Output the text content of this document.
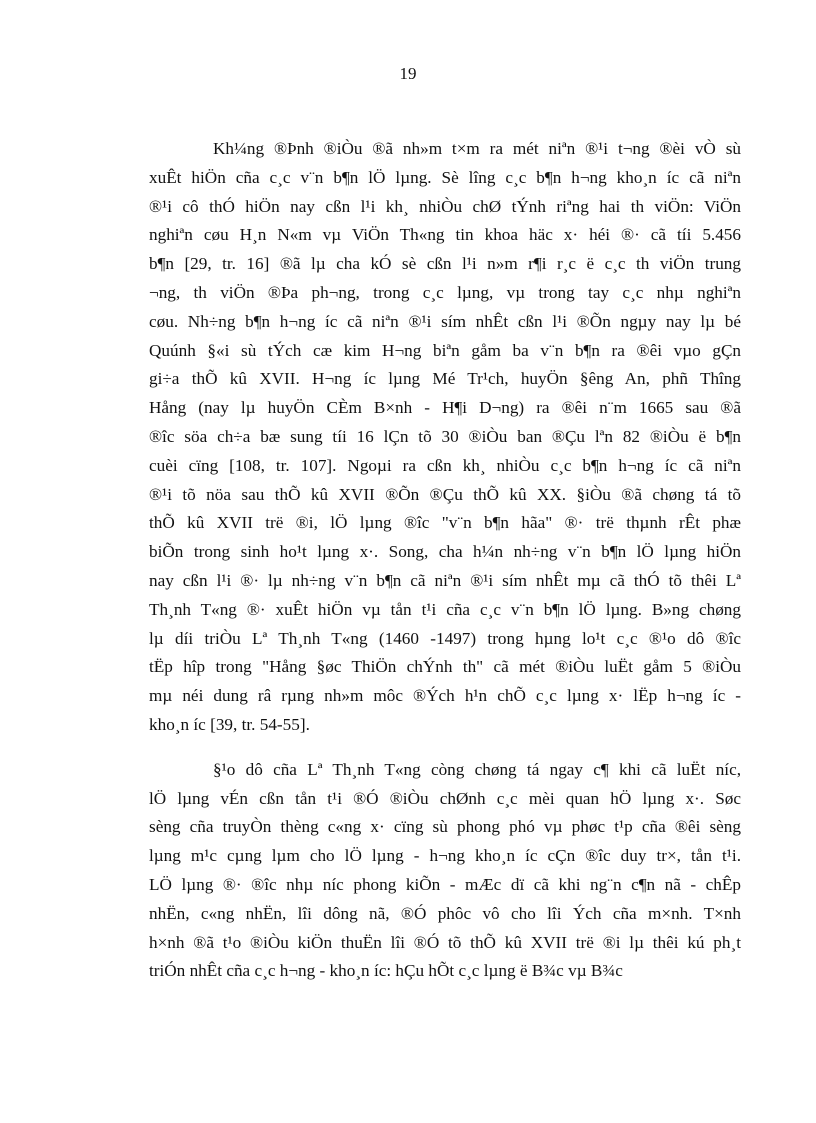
19
Kh¼ng ®Þnh ®iÒu ®ã nh»m t×m ra mét niªn ®¹i t¬ng ®èi vÒ sù
xuÊt hiÖn cña c¸c v¨n b¶n lÖ lµng. Sè lîng c¸c b¶n h¬ng kho¸n íc cã niªn
®¹i cô thÓ hiÖn nay cßn l¹i kh¸ nhiÒu chØ tÝnh riªng hai th viÖn: ViÖn
nghiªn cøu H¸n N«m vµ ViÖn Th«ng tin khoa häc x· héi ®· cã tíi 5.456
b¶n [29, tr. 16] ®ã lµ cha kÓ sè cßn l¹i n»m r¶i r¸c ë c¸c th viÖn trung
¬ng, th viÖn ®Þa ph¬ng, trong c¸c lµng, vµ trong tay c¸c nhµ nghiªn
cøu. Nh÷ng b¶n h¬ng íc cã niªn ®¹i sím nhÊt cßn l¹i ®Õn ngµy nay lµ bé
Quúnh §«i sù tÝch cæ kim H¬ng biªn gåm ba v¨n b¶n ra ®êi vµo gÇn
gi÷a thÕ kû XVII. H¬ng íc lµng Mé Tr¹ch, huyÖn §êng An, phñ Thîng
Hång (nay lµ huyÖn CÈm B×nh - H¶i D¬ng) ra ®êi n¨m 1665 sau ®ã
®îc söa ch÷a bæ sung tíi 16 lÇn tõ 30 ®iÒu ban ®Çu lªn 82 ®iÒu ë b¶n
cuèi cïng [108, tr. 107]. Ngoµi ra cßn kh¸ nhiÒu c¸c b¶n h¬ng íc cã niªn
®¹i tõ nöa sau thÕ kû XVII ®Õn ®Çu thÕ kû XX. §iÒu ®ã chøng tá tõ
thÕ kû XVII trë ®i, lÖ lµng ®îc "v¨n b¶n hãa" ®· trë thµnh rÊt phæ
biÕn trong sinh ho¹t lµng x·. Song, cha h¼n nh÷ng v¨n b¶n lÖ lµng hiÖn
nay cßn l¹i ®· lµ nh÷ng v¨n b¶n cã niªn ®¹i sím nhÊt mµ cã thÓ tõ thêi Lª
Th¸nh T«ng ®· xuÊt hiÖn vµ tån t¹i cña c¸c v¨n b¶n lÖ lµng. B»ng chøng
lµ díi triÒu Lª Th¸nh T«ng (1460 -1497) trong hµng lo¹t c¸c ®¹o dô ®îc
tËp hîp trong "Hång §øc ThiÖn chÝnh th" cã mét ®iÒu luËt gåm 5 ®iÒu
mµ néi dung râ rµng nh»m môc ®Ých h¹n chÕ c¸c lµng x· lËp h¬ng íc -
kho¸n íc [39, tr. 54-55].
§¹o dô cña Lª Th¸nh T«ng còng chøng tá ngay c¶ khi cã luËt níc,
lÖ lµng vÉn cßn tån t¹i ®Ó ®iÒu chØnh c¸c mèi quan hÖ lµng x·. Søc
sèng cña truyÒn thèng c«ng x· cïng sù phong phó vµ phøc t¹p cña ®êi sèng
lµng m¹c cµng lµm cho lÖ lµng - h¬ng kho¸n íc cÇn ®îc duy tr×, tån t¹i.
LÖ lµng ®· ®îc nhµ níc phong kiÕn - mÆc dï cã khi ng¨n c¶n nã - chÊp
nhËn, c«ng nhËn, lîi dông nã, ®Ó phôc vô cho lîi Ých cña m×nh. T×nh
h×nh ®ã t¹o ®iÒu kiÖn thuËn lîi ®Ó tõ thÕ kû XVII trë ®i lµ thêi kú ph¸t
triÓn nhÊt cña c¸c h¬ng - kho¸n íc: hÇu hÕt c¸c lµng ë B¾c vµ B¾c
